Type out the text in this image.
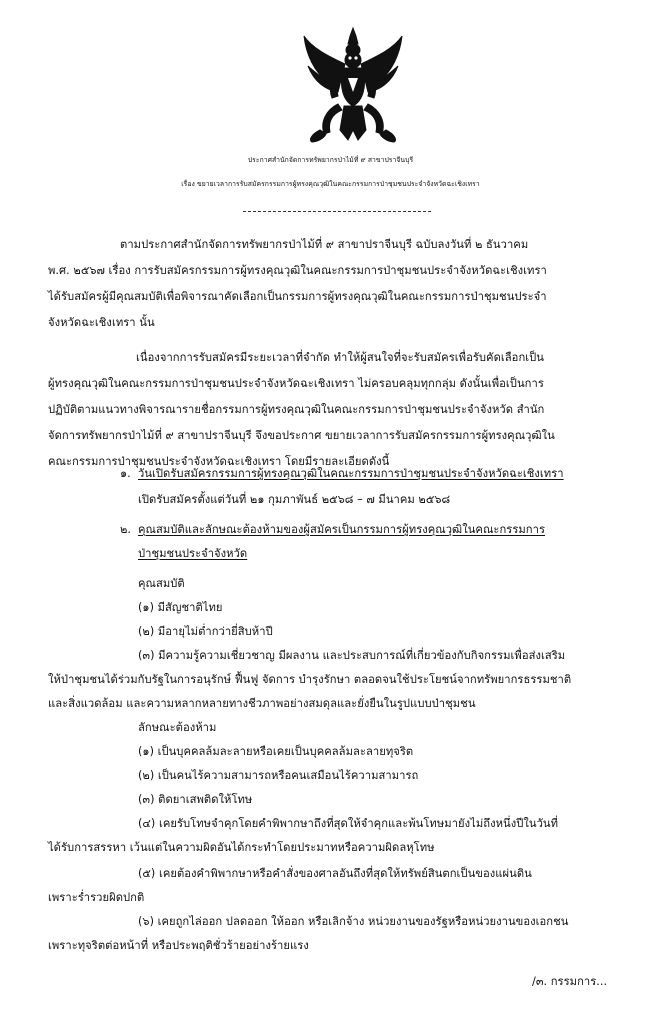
ประกาศสำนักจัดการทรัพยากรป่าไม้ที่ ๙ สาขาปราจีนบุรี
เรื่อง ขยายเวลาการรับสมัครกรรมการผู้ทรงคุณวุฒิในคณะกรรมการป่าชุมชนประจำจังหวัดฉะเชิงเทรา
ตามประกาศสำนักจัดการทรัพยากรป่าไม้ที่ ๙ สาขาปราจีนบุรี ฉบับลงวันที่ ๒ ธันวาคม
พ.ศ. ๒๕๖๗ เรื่อง การรับสมัครกรรมการผู้ทรงคุณวุฒิในคณะกรรมการป่าชุมชนประจำจังหวัดฉะเชิงเทรา
ได้รับสมัครผู้มีคุณสมบัติเพื่อพิจารณาคัดเลือกเป็นกรรมการผู้ทรงคุณวุฒิในคณะกรรมการป่าชุมชนประจำ
จังหวัดฉะเชิงเทรา นั้น
เนื่องจากการรับสมัครมีระยะเวลาที่จำกัด ทำให้ผู้สนใจที่จะรับสมัครเพื่อรับคัดเลือกเป็น
ผู้ทรงคุณวุฒิในคณะกรรมการป่าชุมชนประจำจังหวัดฉะเชิงเทรา ไม่ครอบคลุมทุกกลุ่ม ดังนั้นเพื่อเป็นการ
ปฏิบัติตามแนวทางพิจารณารายชื่อกรรมการผู้ทรงคุณวุฒิในคณะกรรมการป่าชุมชนประจำจังหวัด สำนัก
จัดการทรัพยากรป่าไม้ที่ ๙ สาขาปราจีนบุรี จึงขอประกาศ ขยายเวลาการรับสมัครกรรมการผู้ทรงคุณวุฒิใน
คณะกรรมการป่าชุมชนประจำจังหวัดฉะเชิงเทรา โดยมีรายละเอียดดังนี้
๑. วันเปิดรับสมัครกรรมการผู้ทรงคุณวุฒิในคณะกรรมการป่าชุมชนประจำจังหวัดฉะเชิงเทรา
เปิดรับสมัครตั้งแต่วันที่ ๒๑ กุมภาพันธ์ ๒๕๖๘ – ๗ มีนาคม ๒๕๖๘
๒. คุณสมบัติและลักษณะต้องห้ามของผู้สมัครเป็นกรรมการผู้ทรงคุณวุฒิในคณะกรรมการ
ป่าชุมชนประจำจังหวัด
คุณสมบัติ
(๑) มีสัญชาติไทย
(๒) มีอายุไม่ต่ำกว่ายี่สิบห้าปี
(๓) มีความรู้ความเชี่ยวชาญ มีผลงาน และประสบการณ์ที่เกี่ยวข้องกับกิจกรรมเพื่อส่งเสริม
ให้ป่าชุมชนได้ร่วมกับรัฐในการอนุรักษ์ ฟื้นฟู จัดการ บำรุงรักษา ตลอดจนใช้ประโยชน์จากทรัพยากรธรรมชาติ
และสิ่งแวดล้อม และความหลากหลายทางชีวภาพอย่างสมดุลและยั่งยืนในรูปแบบป่าชุมชน
ลักษณะต้องห้าม
(๑) เป็นบุคคลล้มละลายหรือเคยเป็นบุคคลล้มละลายทุจริต
(๒) เป็นคนไร้ความสามารถหรือคนเสมือนไร้ความสามารถ
(๓) ติดยาเสพติดให้โทษ
(๔) เคยรับโทษจำคุกโดยคำพิพากษาถึงที่สุดให้จำคุกและพ้นโทษมายังไม่ถึงหนึ่งปีในวันที่
ได้รับการสรรหา เว้นแต่ในความผิดอันได้กระทำโดยประมาทหรือความผิดลหุโทษ
(๕) เคยต้องคำพิพากษาหรือคำสั่งของศาลอันถึงที่สุดให้ทรัพย์สินตกเป็นของแผ่นดิน
เพราะร่ำรวยผิดปกติ
(๖) เคยถูกไล่ออก ปลดออก ให้ออก หรือเลิกจ้าง หน่วยงานของรัฐหรือหน่วยงานของเอกชน
เพราะทุจริตต่อหน้าที่ หรือประพฤติชั่วร้ายอย่างร้ายแรง
/๓. กรรมการ...
